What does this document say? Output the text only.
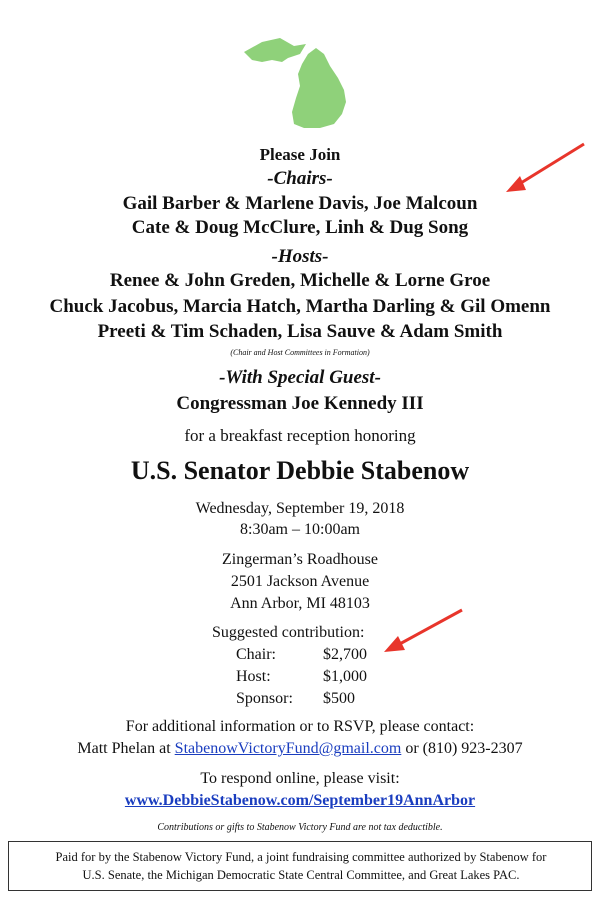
Please Join
-Chairs-
Gail Barber & Marlene Davis, Joe Malcoun
Cate & Doug McClure, Linh & Dug Song
-Hosts-
Renee & John Greden, Michelle & Lorne Groe
Chuck Jacobus, Marcia Hatch, Martha Darling & Gil Omenn
Preeti & Tim Schaden, Lisa Sauve & Adam Smith
(Chair and Host Committees in Formation)
-With Special Guest-
Congressman Joe Kennedy III
for a breakfast reception honoring
U.S. Senator Debbie Stabenow
Wednesday, September 19, 2018
8:30am – 10:00am
Zingerman’s Roadhouse
2501 Jackson Avenue
Ann Arbor, MI 48103
Suggested contribution:
Chair:	$2,700
Host:	$1,000
Sponsor: $500
For additional information or to RSVP, please contact:
Matt Phelan at StabenowVictoryFund@gmail.com or (810) 923-2307
To respond online, please visit:
www.DebbieStabenow.com/September19AnnArbor
Contributions or gifts to Stabenow Victory Fund are not tax deductible.
Paid for by the Stabenow Victory Fund, a joint fundraising committee authorized by Stabenow for
U.S. Senate, the Michigan Democratic State Central Committee, and Great Lakes PAC.
